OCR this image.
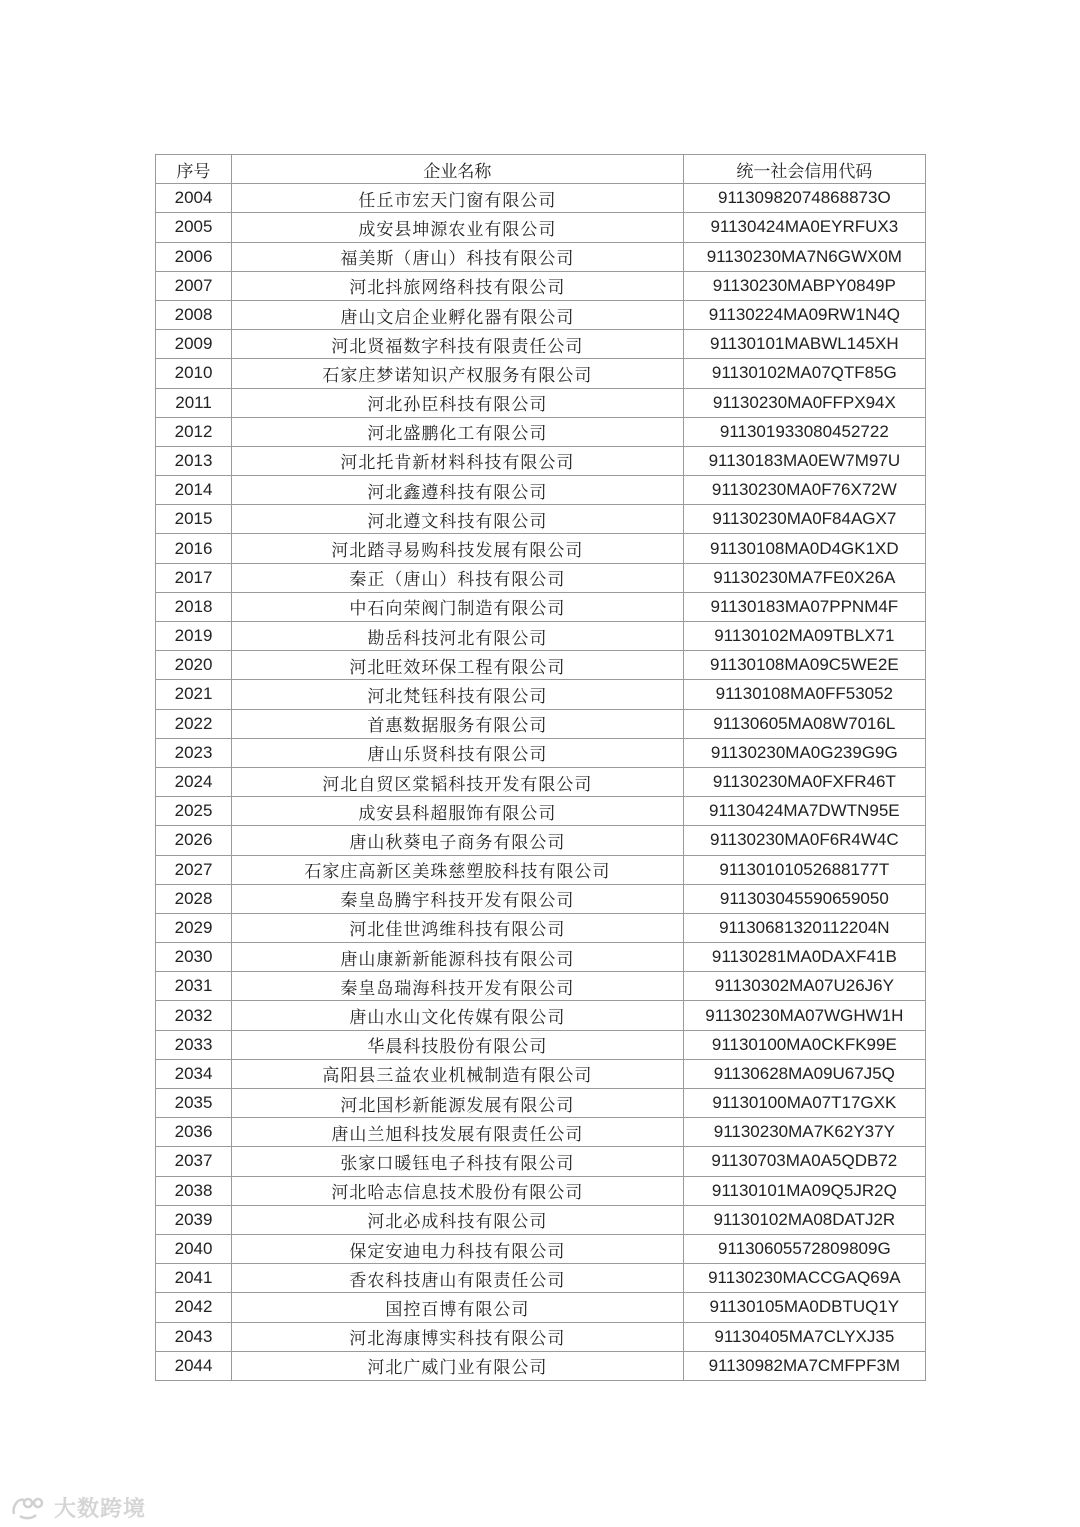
序号	企业名称	统一社会信用代码
2004	任丘市宏天门窗有限公司	91130982074868873O
2005	成安县坤源农业有限公司	91130424MA0EYRFUX3
2006	福美斯（唐山）科技有限公司	91130230MA7N6GWX0M
2007	河北抖旅网络科技有限公司	91130230MABPY0849P
2008	唐山文启企业孵化器有限公司	91130224MA09RW1N4Q
2009	河北贤福数字科技有限责任公司	91130101MABWL145XH
2010	石家庄梦诺知识产权服务有限公司	91130102MA07QTF85G
2011	河北孙臣科技有限公司	91130230MA0FFPX94X
2012	河北盛鹏化工有限公司	911301933080452722
2013	河北托肯新材料科技有限公司	91130183MA0EW7M97U
2014	河北鑫遵科技有限公司	91130230MA0F76X72W
2015	河北遵文科技有限公司	91130230MA0F84AGX7
2016	河北踏寻易购科技发展有限公司	91130108MA0D4GK1XD
2017	秦正（唐山）科技有限公司	91130230MA7FE0X26A
2018	中石向荣阀门制造有限公司	91130183MA07PPNM4F
2019	勘岳科技河北有限公司	91130102MA09TBLX71
2020	河北旺效环保工程有限公司	91130108MA09C5WE2E
2021	河北梵钰科技有限公司	91130108MA0FF53052
2022	首惠数据服务有限公司	91130605MA08W7016L
2023	唐山乐贤科技有限公司	91130230MA0G239G9G
2024	河北自贸区棠韬科技开发有限公司	91130230MA0FXFR46T
2025	成安县科超服饰有限公司	91130424MA7DWTN95E
2026	唐山秋葵电子商务有限公司	91130230MA0F6R4W4C
2027	石家庄高新区美珠慈塑胶科技有限公司	91130101052688177T
2028	秦皇岛腾宇科技开发有限公司	911303045590659050
2029	河北佳世鸿维科技有限公司	9113068132011220​4N
2030	唐山康新新能源科技有限公司	91130281MA0DAXF41B
2031	秦皇岛瑞海科技开发有限公司	91130302MA07U26J6Y
2032	唐山水山文化传媒有限公司	91130230MA07WGHW1H
2033	华晨科技股份有限公司	91130100MA0CKFK99E
2034	高阳县三益农业机械制造有限公司	91130628MA09U67J5Q
2035	河北国杉新能源发展有限公司	91130100MA07T17GXK
2036	唐山兰旭科技发展有限责任公司	91130230MA7K62Y37Y
2037	张家口暖钰电子科技有限公司	91130703MA0A5QDB72
2038	河北哈志信息技术股份有限公司	91130101MA09Q5JR2Q
2039	河北必成科技有限公司	91130102MA08DATJ2R
2040	保定安迪电力科技有限公司	91130605572809809G
2041	香农科技唐山有限责任公司	91130230MACCGAQ69A
2042	国控百博有限公司	91130105MA0DBTUQ1Y
2043	河北海康博实科技有限公司	91130405MA7CLYXJ35
2044	河北广威门业有限公司	91130982MA7CMFPF3M
大数跨境
